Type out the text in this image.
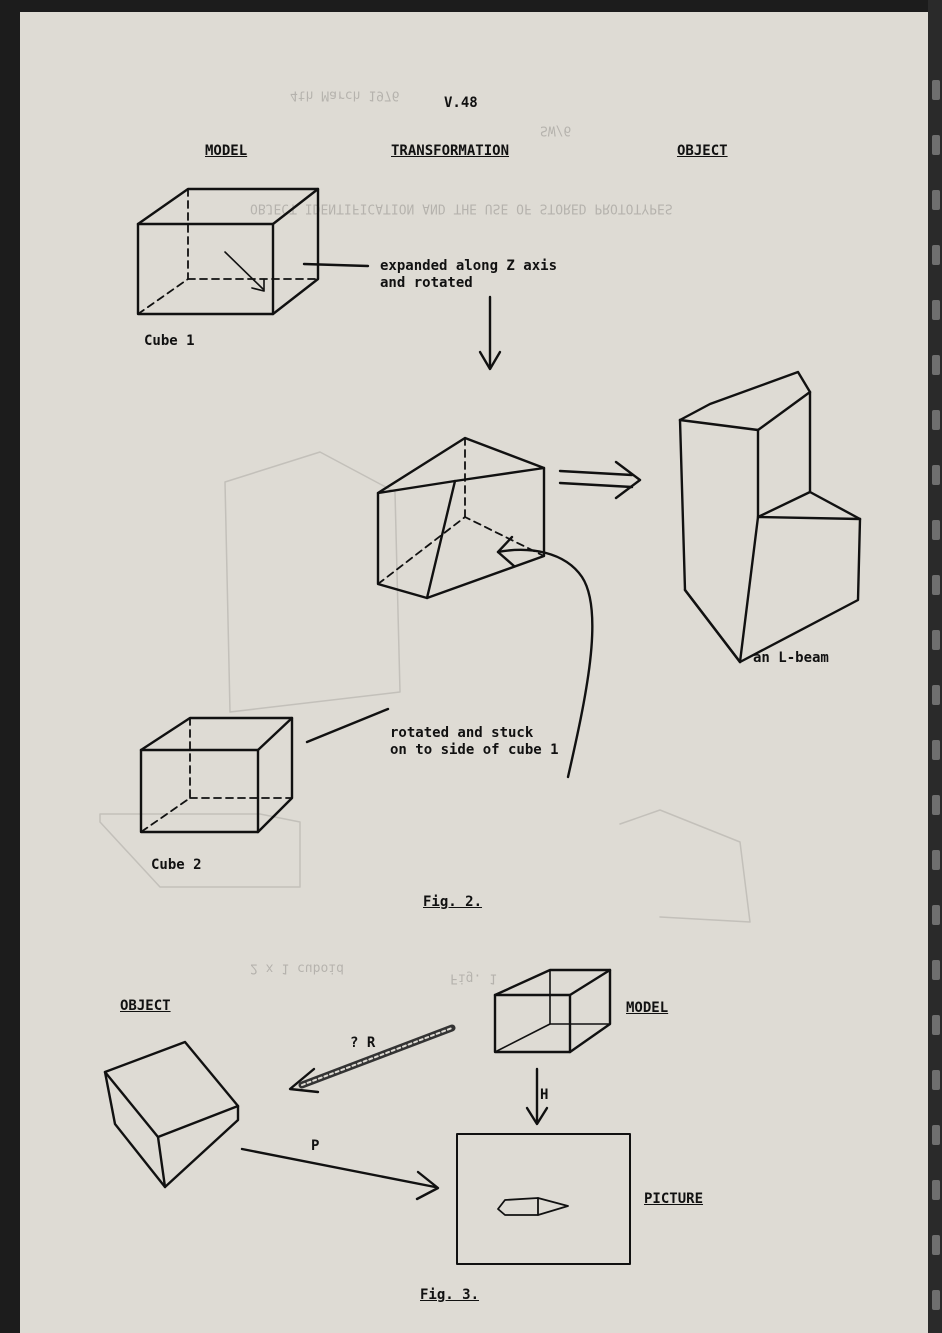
4th March 1976
SW/6
OBJECT IDENTIFICATION AND THE USE OF STORED PROTOTYPES
Fig. 1
2 x 1 cuboid
V.48
MODEL	TRANSFORMATION	OBJECT
expanded along Z axis
and rotated
Cube 1
an L-beam
rotated and stuck
on to side of cube 1
Cube 2
Fig. 2.
OBJECT	MODEL
? R
H
P
PICTURE
Fig. 3.
